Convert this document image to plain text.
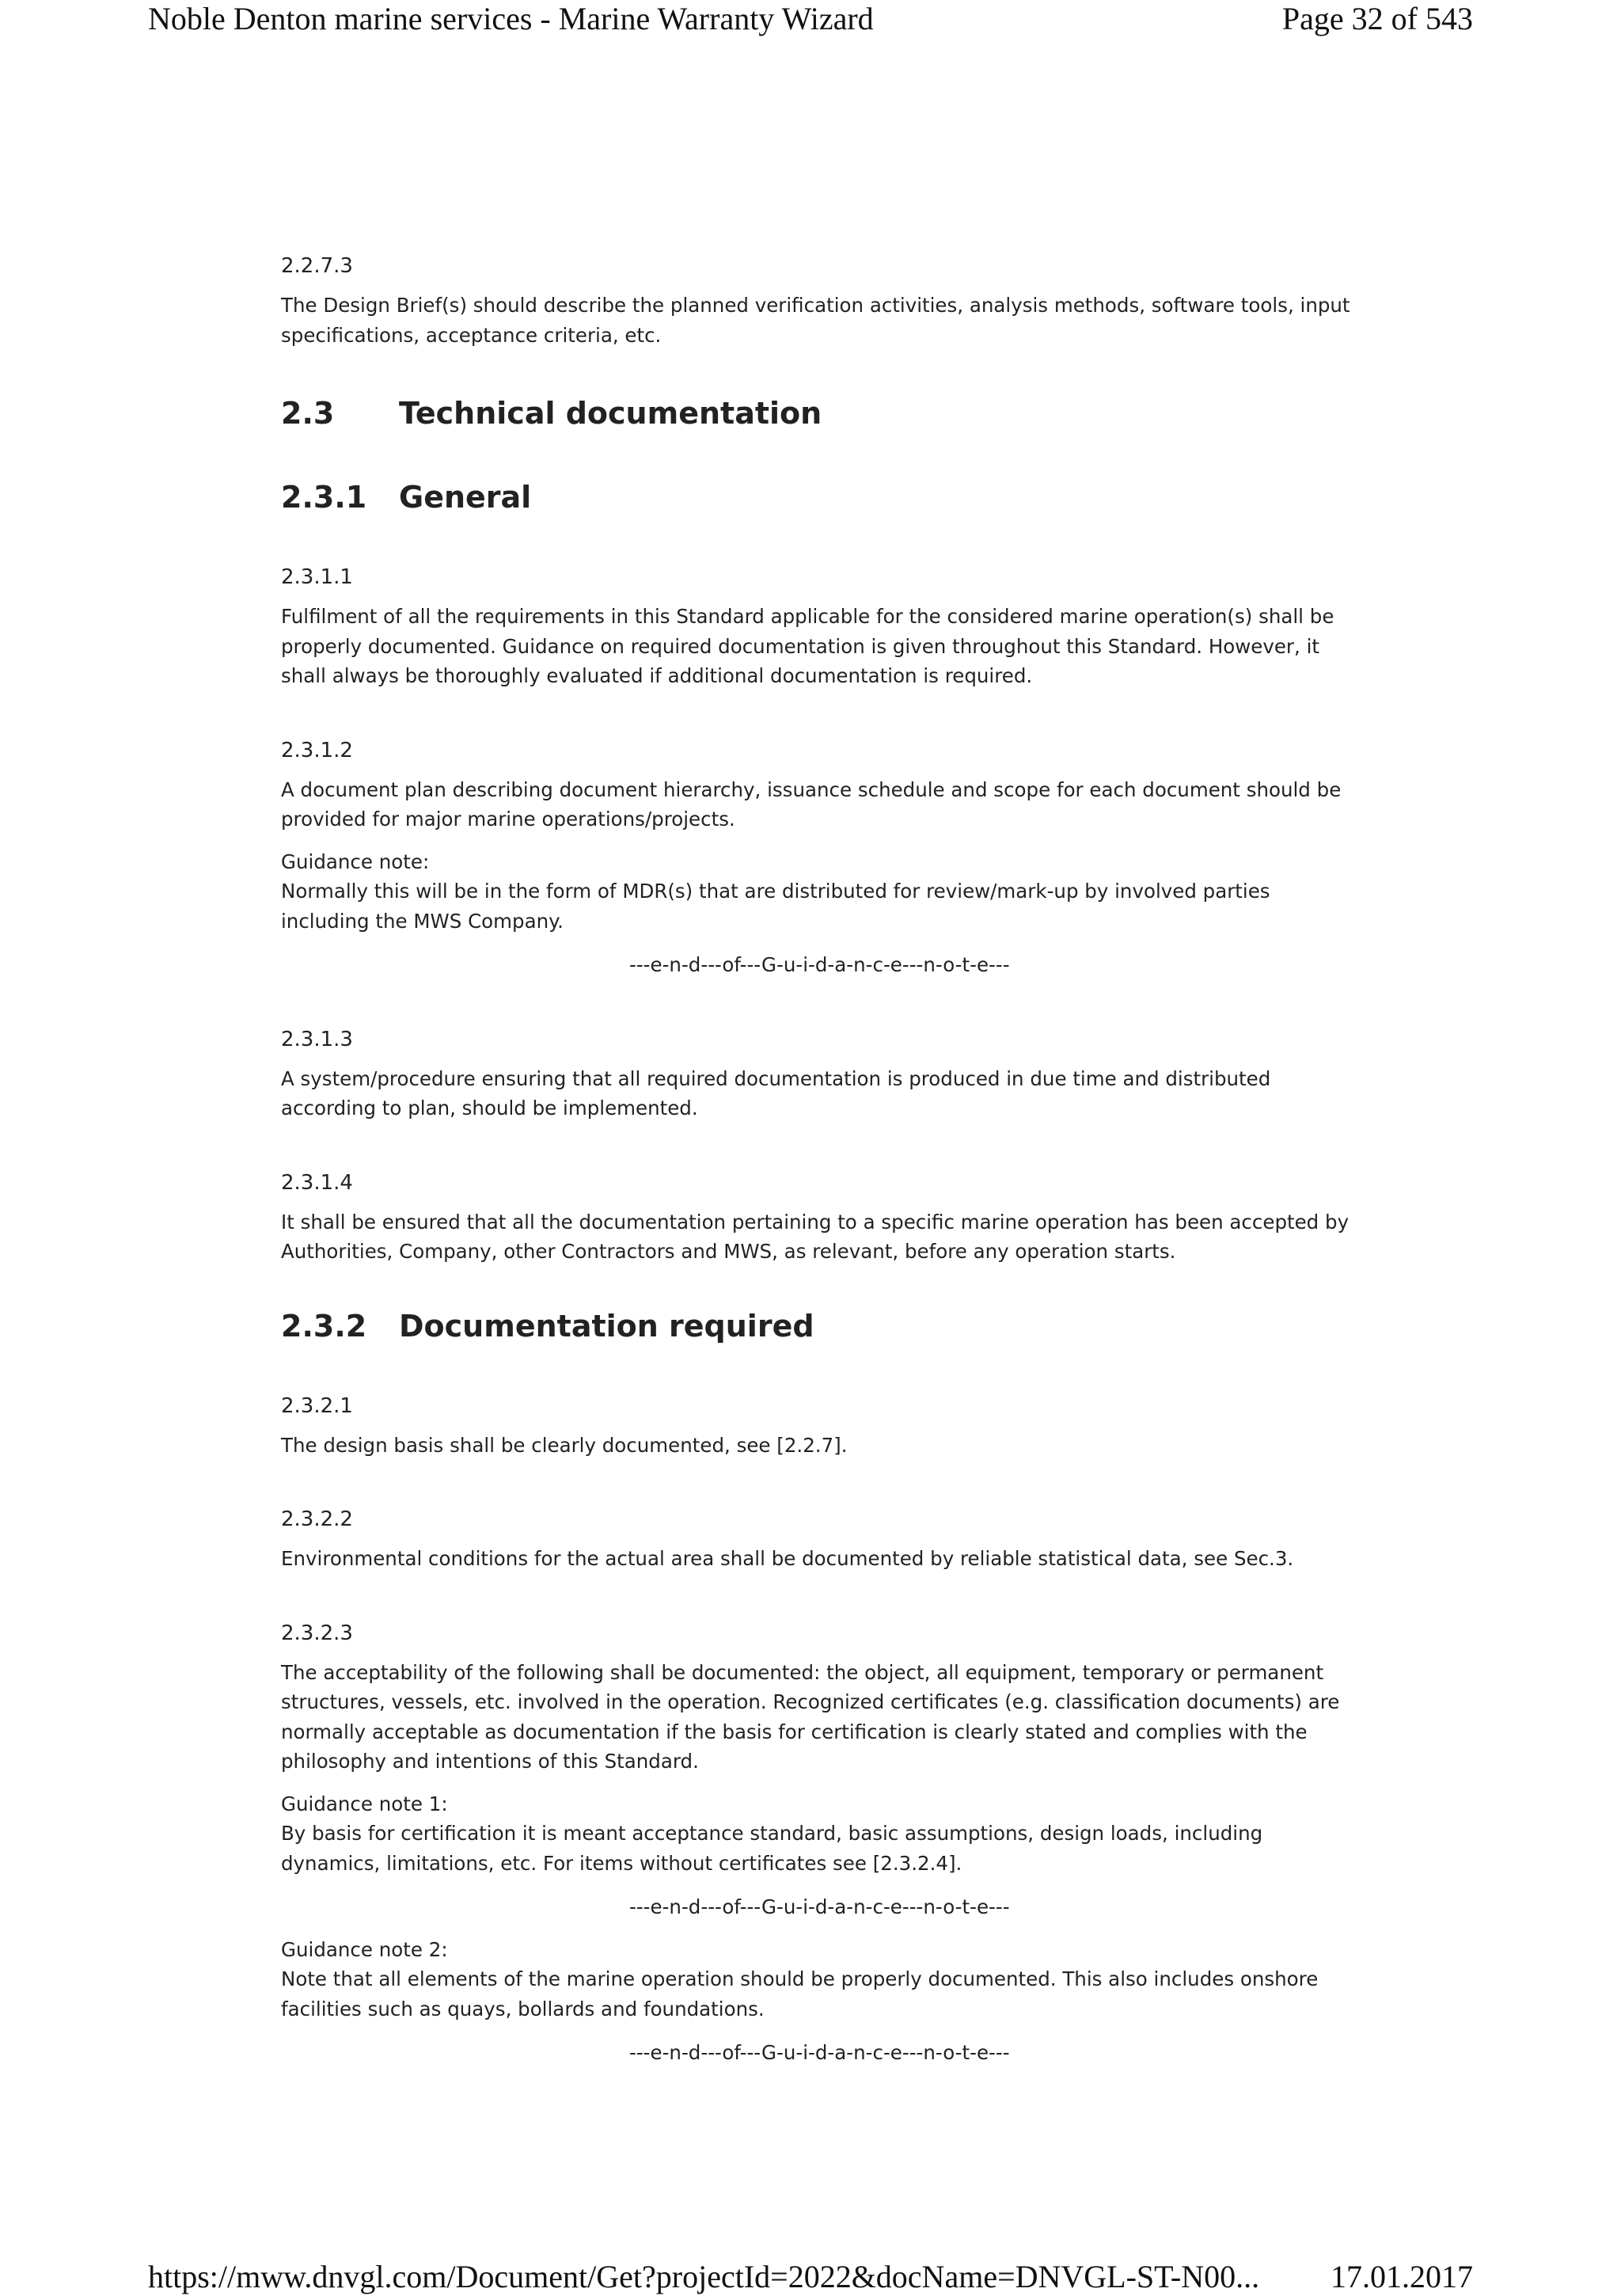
Noble Denton marine services - Marine Warranty Wizard	Page 32 of 543

2.2.7.3

The Design Brief(s) should describe the planned verification activities, analysis methods, software tools, input specifications, acceptance criteria, etc.

2.3	Technical documentation
2.3.1	General

2.3.1.1

Fulfilment of all the requirements in this Standard applicable for the considered marine operation(s) shall be properly documented. Guidance on required documentation is given throughout this Standard. However, it shall always be thoroughly evaluated if additional documentation is required.

2.3.1.2

A document plan describing document hierarchy, issuance schedule and scope for each document should be provided for major marine operations/projects.

Guidance note:

Normally this will be in the form of MDR(s) that are distributed for review/mark-up by involved parties including the MWS Company.

---e-n-d---of---G-u-i-d-a-n-c-e---n-o-t-e---

2.3.1.3

A system/procedure ensuring that all required documentation is produced in due time and distributed according to plan, should be implemented.

2.3.1.4

It shall be ensured that all the documentation pertaining to a specific marine operation has been accepted by Authorities, Company, other Contractors and MWS, as relevant, before any operation starts.

2.3.2	Documentation required

2.3.2.1

The design basis shall be clearly documented, see [2.2.7].

2.3.2.2

Environmental conditions for the actual area shall be documented by reliable statistical data, see Sec.3.

2.3.2.3

The acceptability of the following shall be documented: the object, all equipment, temporary or permanent structures, vessels, etc. involved in the operation. Recognized certificates (e.g. classification documents) are normally acceptable as documentation if the basis for certification is clearly stated and complies with the philosophy and intentions of this Standard.

Guidance note 1:

By basis for certification it is meant acceptance standard, basic assumptions, design loads, including dynamics, limitations, etc. For items without certificates see [2.3.2.4].

---e-n-d---of---G-u-i-d-a-n-c-e---n-o-t-e---

Guidance note 2:

Note that all elements of the marine operation should be properly documented. This also includes onshore facilities such as quays, bollards and foundations.

---e-n-d---of---G-u-i-d-a-n-c-e---n-o-t-e---

https://mww.dnvgl.com/Document/Get?projectId=2022&docName=DNVGL-ST-N00... 17.01.2017
